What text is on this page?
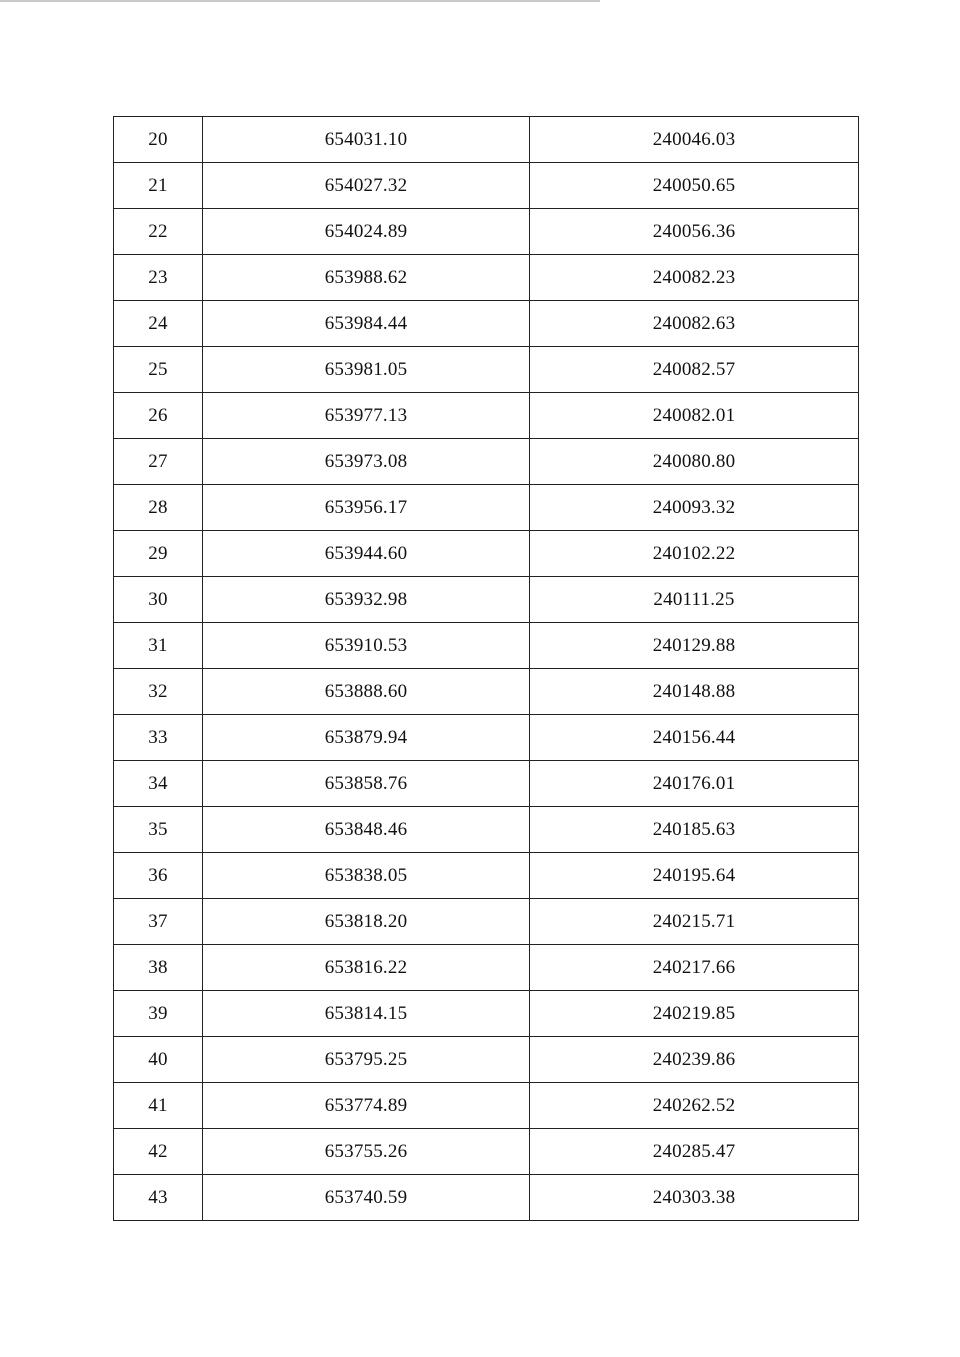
20	654031.10	240046.03
21	654027.32	240050.65
22	654024.89	240056.36
23	653988.62	240082.23
24	653984.44	240082.63
25	653981.05	240082.57
26	653977.13	240082.01
27	653973.08	240080.80
28	653956.17	240093.32
29	653944.60	240102.22
30	653932.98	240111.25
31	653910.53	240129.88
32	653888.60	240148.88
33	653879.94	240156.44
34	653858.76	240176.01
35	653848.46	240185.63
36	653838.05	240195.64
37	653818.20	240215.71
38	653816.22	240217.66
39	653814.15	240219.85
40	653795.25	240239.86
41	653774.89	240262.52
42	653755.26	240285.47
43	653740.59	240303.38
